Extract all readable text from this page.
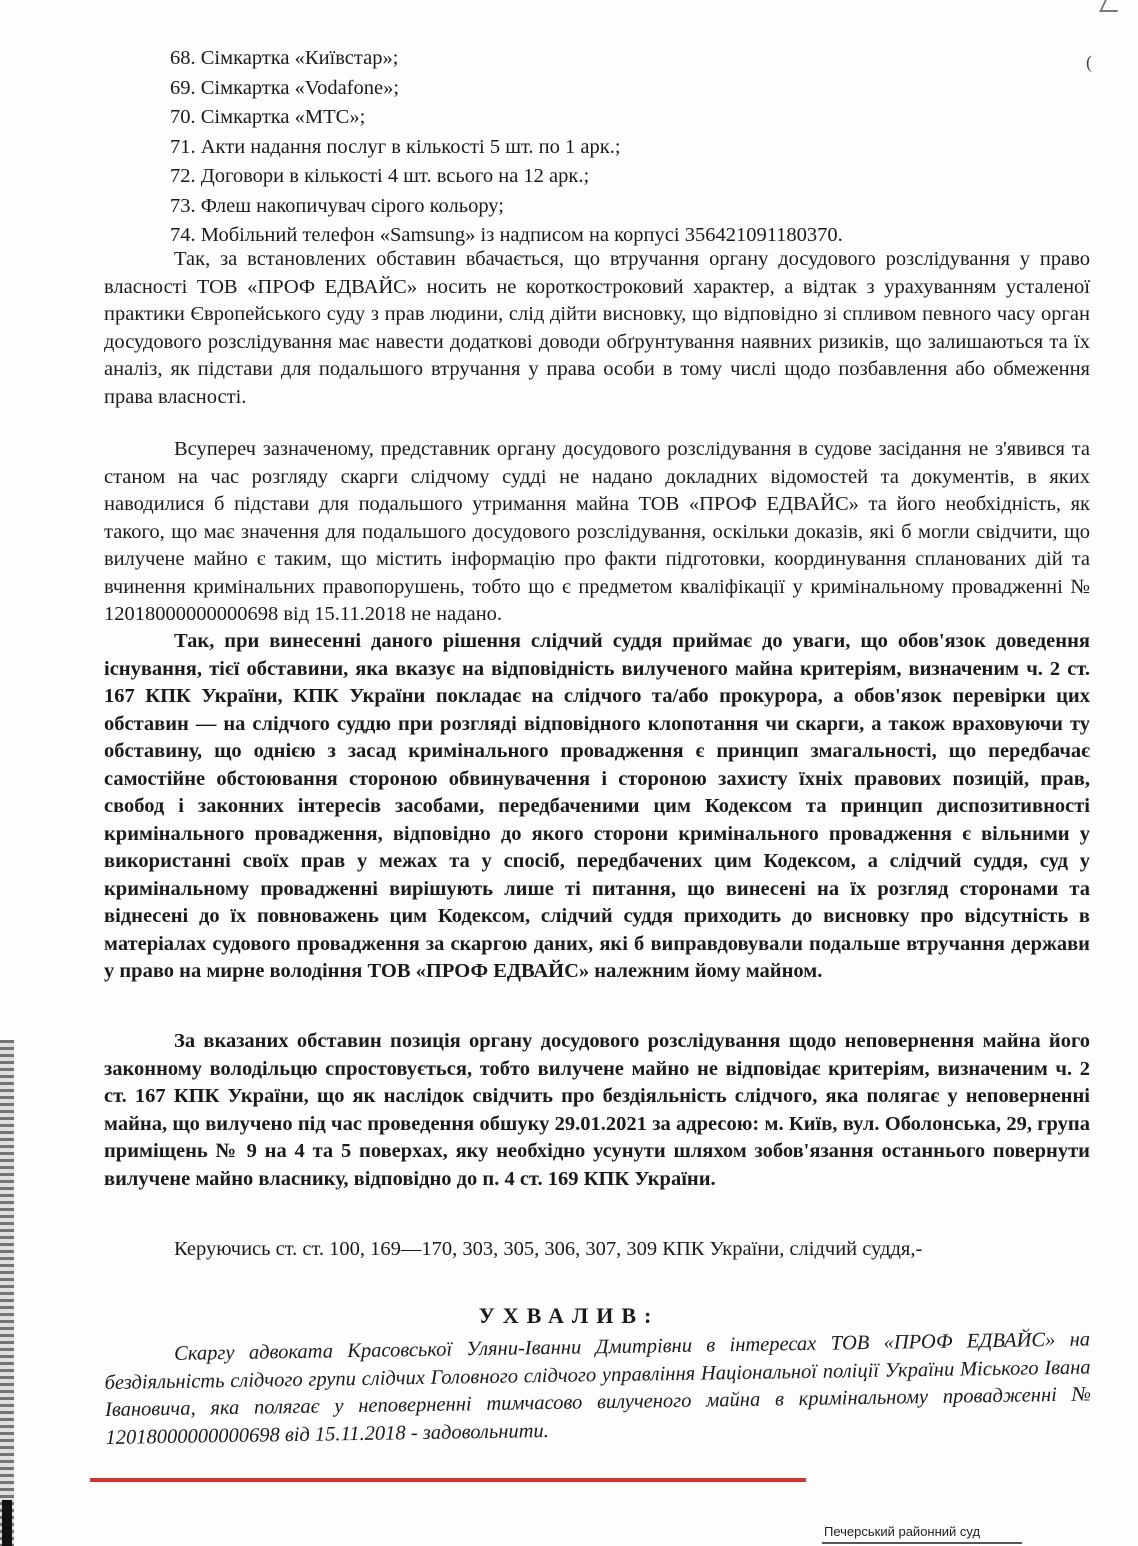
(
68. Сімкартка «Київстар»;
69. Сімкартка «Vodafone»;
70. Сімкартка «МТС»;
71. Акти надання послуг в кількості 5 шт. по 1 арк.;
72. Договори в кількості 4 шт. всього на 12 арк.;
73. Флеш накопичувач сірого кольору;
74. Мобільний телефон «Samsung» із надписом на корпусі 356421091180370.

Так, за встановлених обставин вбачається, що втручання органу досудового розслідування у право власності ТОВ «ПРОФ ЕДВАЙС» носить не короткостроковий характер, а відтак з урахуванням усталеної практики Європейського суду з прав людини, слід дійти висновку, що відповідно зі спливом певного часу орган досудового розслідування має навести додаткові доводи обґрунтування наявних ризиків, що залишаються та їх аналіз, як підстави для подальшого втручання у права особи в тому числі щодо позбавлення або обмеження права власності.

Всупереч зазначеному, представник органу досудового розслідування в судове засідання не з'явився та станом на час розгляду скарги слідчому судді не надано докладних відомостей та документів, в яких наводилися б підстави для подальшого утримання майна ТОВ «ПРОФ ЕДВАЙС» та його необхідність, як такого, що має значення для подальшого досудового розслідування, оскільки доказів, які б могли свідчити, що вилучене майно є таким, що містить інформацію про факти підготовки, координування спланованих дій та вчинення кримінальних правопорушень, тобто що є предметом кваліфікації у кримінальному провадженні № 12018000000000698 від 15.11.2018 не надано.

Так, при винесенні даного рішення слідчий суддя приймає до уваги, що обов'язок доведення існування, тієї обставини, яка вказує на відповідність вилученого майна критеріям, визначеним ч. 2 ст. 167 КПК України, КПК України покладає на слідчого та/або прокурора, а обов'язок перевірки цих обставин — на слідчого суддю при розгляді відповідного клопотання чи скарги, а також враховуючи ту обставину, що однією з засад кримінального провадження є принцип змагальності, що передбачає самостійне обстоювання стороною обвинувачення і стороною захисту їхніх правових позицій, прав, свобод і законних інтересів засобами, передбаченими цим Кодексом та принцип диспозитивності кримінального провадження, відповідно до якого сторони кримінального провадження є вільними у використанні своїх прав у межах та у спосіб, передбачених цим Кодексом, а слідчий суддя, суд у кримінальному провадженні вирішують лише ті питання, що винесені на їх розгляд сторонами та віднесені до їх повноважень цим Кодексом, слідчий суддя приходить до висновку про відсутність в матеріалах судового провадження за скаргою даних, які б виправдовували подальше втручання держави у право на мирне володіння ТОВ «ПРОФ ЕДВАЙС» належним йому майном.

За вказаних обставин позиція органу досудового розслідування щодо неповернення майна його законному володільцю спростовується, тобто вилучене майно не відповідає критеріям, визначеним ч. 2 ст. 167 КПК України, що як наслідок свідчить про бездіяльність слідчого, яка полягає у неповерненні майна, що вилучено під час проведення обшуку 29.01.2021 за адресою: м. Київ, вул. Оболонська, 29, група приміщень № 9 на 4 та 5 поверхах, яку необхідно усунути шляхом зобов'язання останнього повернути вилучене майно власнику, відповідно до п. 4 ст. 169 КПК України.

Керуючись ст. ст. 100, 169—170, 303, 305, 306, 307, 309 КПК України, слідчий суддя,-

УХВАЛИВ:

Скаргу адвоката Красовської Уляни-Іванни Дмитрівни в інтересах ТОВ «ПРОФ ЕДВАЙС» на бездіяльність слідчого групи слідчих Головного слідчого управління Національної поліції України Міського Івана Івановича, яка полягає у неповерненні тимчасово вилученого майна в кримінальному провадженні № 12018000000000698 від 15.11.2018 - задовольнити.

Печерський районний суд
